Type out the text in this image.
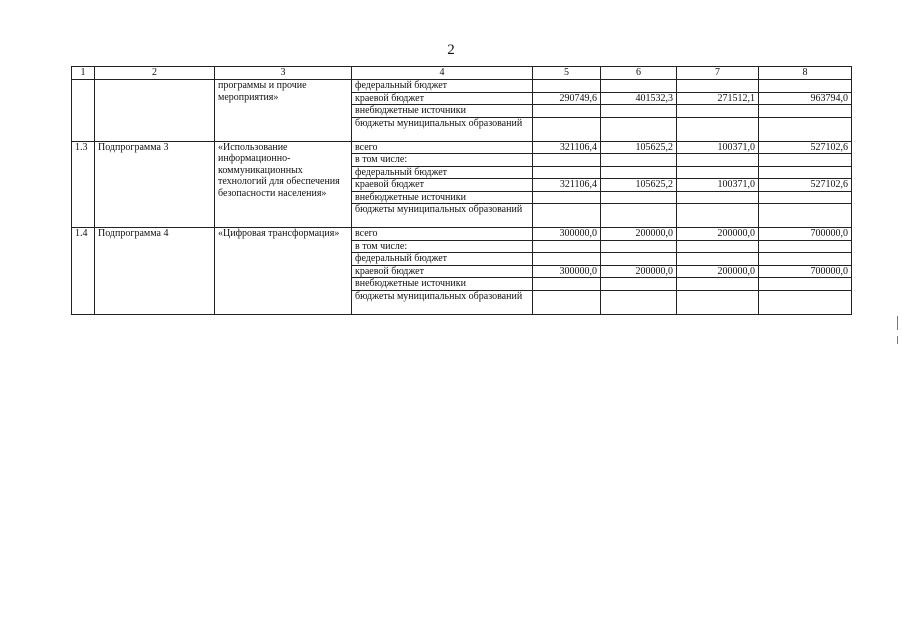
2
1	2	3	4	5	6	7	8
		программы и прочие мероприятия»	федеральный бюджет				
			краевой бюджет	290749,6	401532,3	271512,1	963794,0
			внебюджетные источники				
			бюджеты муниципальных образований				
1.3	Подпрограмма 3	«Использование информационно-коммуникационных технологий для обеспечения безопасности населения»	всего	321106,4	105625,2	100371,0	527102,6
			в том числе:				
			федеральный бюджет				
			краевой бюджет	321106,4	105625,2	100371,0	527102,6
			внебюджетные источники				
			бюджеты муниципальных образований				
1.4	Подпрограмма 4	«Цифровая трансформация»	всего	300000,0	200000,0	200000,0	700000,0
			в том числе:				
			федеральный бюджет				
			краевой бюджет	300000,0	200000,0	200000,0	700000,0
			внебюджетные источники				
			бюджеты муниципальных образований				
